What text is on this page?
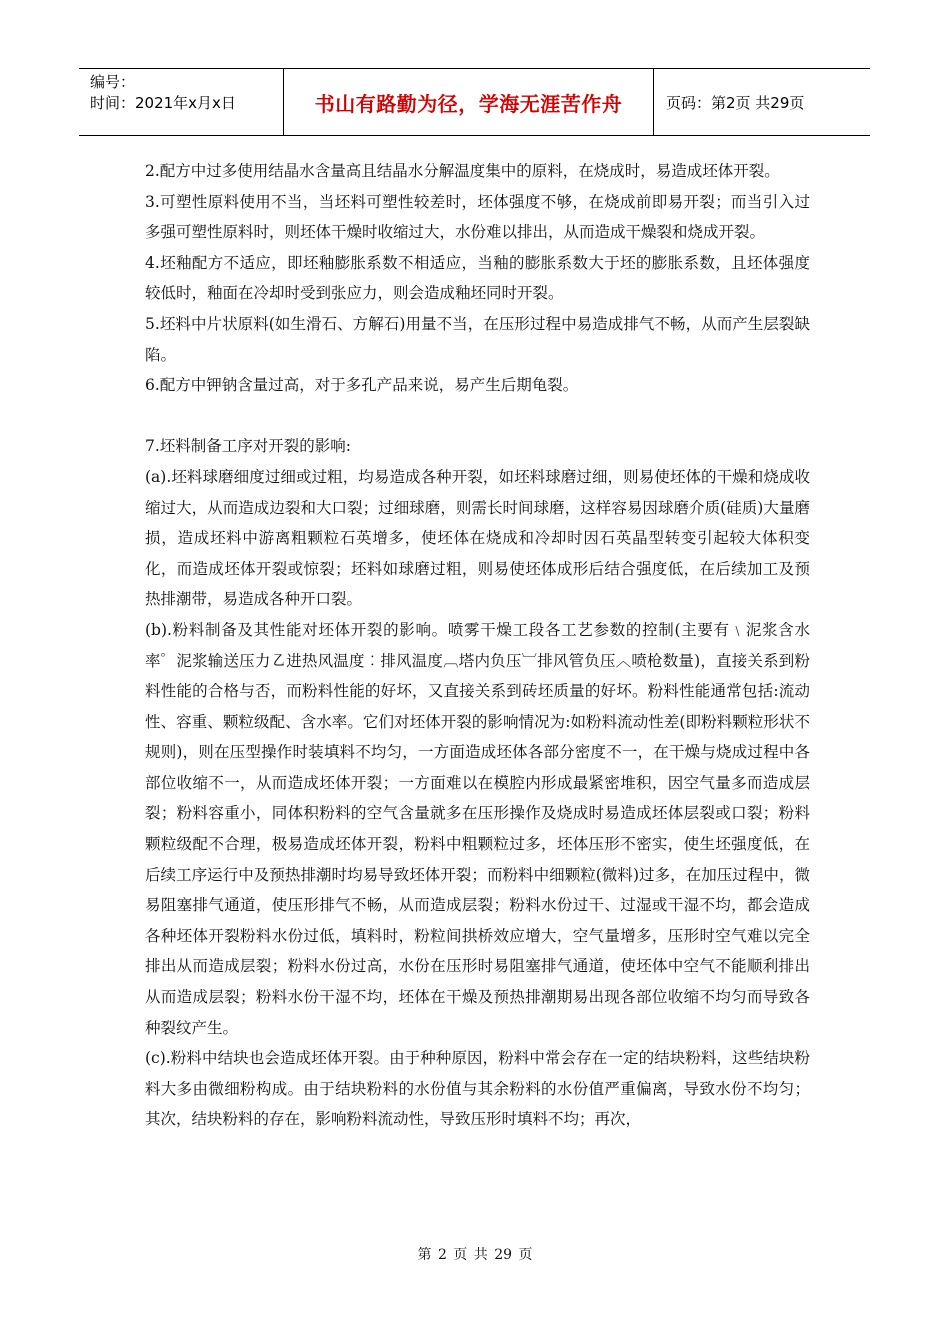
编号：
时间：2021年x月x日	书山有路勤为径，学海无涯苦作舟	页码：第2页 共29页

2.配方中过多使用结晶水含量高且结晶水分解温度集中的原料，在烧成时，易造成坯体开裂。

3.可塑性原料使用不当，当坯料可塑性较差时，坯体强度不够，在烧成前即易开裂；而当引入过多强可塑性原料时，则坯体干燥时收缩过大，水份难以排出，从而造成干燥裂和烧成开裂。

4.坯釉配方不适应，即坯釉膨胀系数不相适应，当釉的膨胀系数大于坯的膨胀系数，且坯体强度较低时，釉面在冷却时受到张应力，则会造成釉坯同时开裂。

5.坯料中片状原料(如生滑石、方解石)用量不当，在压形过程中易造成排气不畅，从而产生层裂缺陷。

6.配方中钾钠含量过高，对于多孔产品来说，易产生后期龟裂。

7.坯料制备工序对开裂的影响:

(a).坯料球磨细度过细或过粗，均易造成各种开裂，如坯料球磨过细，则易使坯体的干燥和烧成收缩过大，从而造成边裂和大口裂；过细球磨，则需长时间球磨，这样容易因球磨介质(硅质)大量磨损，造成坯料中游离粗颗粒石英增多，使坯体在烧成和冷却时因石英晶型转变引起较大体积变化，而造成坯体开裂或惊裂；坯料如球磨过粗，则易使坯体成形后结合强度低，在后续加工及预热排潮带，易造成各种开口裂。

(b).粉料制备及其性能对坯体开裂的影响。喷雾干燥工段各工艺参数的控制(主要有﹨泥浆含水率゜泥浆输送压力㇠进热风温度︰排风温度︹塔内负压︺排风管负压︿喷枪数量)，直接关系到粉料性能的合格与否，而粉料性能的好坏，又直接关系到砖坯质量的好坏。粉料性能通常包括:流动性、容重、颗粒级配、含水率。它们对坯体开裂的影响情况为:如粉料流动性差(即粉料颗粒形状不规则)，则在压型操作时装填料不均匀，一方面造成坯体各部分密度不一，在干燥与烧成过程中各部位收缩不一，从而造成坯体开裂；一方面难以在模腔内形成最紧密堆积，因空气量多而造成层裂；粉料容重小，同体积粉料的空气含量就多在压形操作及烧成时易造成坯体层裂或口裂；粉料颗粒级配不合理，极易造成坯体开裂，粉料中粗颗粒过多，坯体压形不密实，使生坯强度低，在后续工序运行中及预热排潮时均易导致坯体开裂；而粉料中细颗粒(微料)过多，在加压过程中，微易阻塞排气通道，使压形排气不畅，从而造成层裂；粉料水份过干、过湿或干湿不均，都会造成各种坯体开裂粉料水份过低，填料时，粉粒间拱桥效应增大，空气量增多，压形时空气难以完全排出从而造成层裂；粉料水份过高，水份在压形时易阻塞排气通道，使坯体中空气不能顺利排出从而造成层裂；粉料水份干湿不均，坯体在干燥及预热排潮期易出现各部位收缩不均匀而导致各种裂纹产生。

(c).粉料中结块也会造成坯体开裂。由于种种原因，粉料中常会存在一定的结块粉料，这些结块粉料大多由微细粉构成。由于结块粉料的水份值与其余粉料的水份值严重偏离，导致水份不均匀；其次，结块粉料的存在，影响粉料流动性，导致压形时填料不均；再次，

第 2 页 共 29 页
